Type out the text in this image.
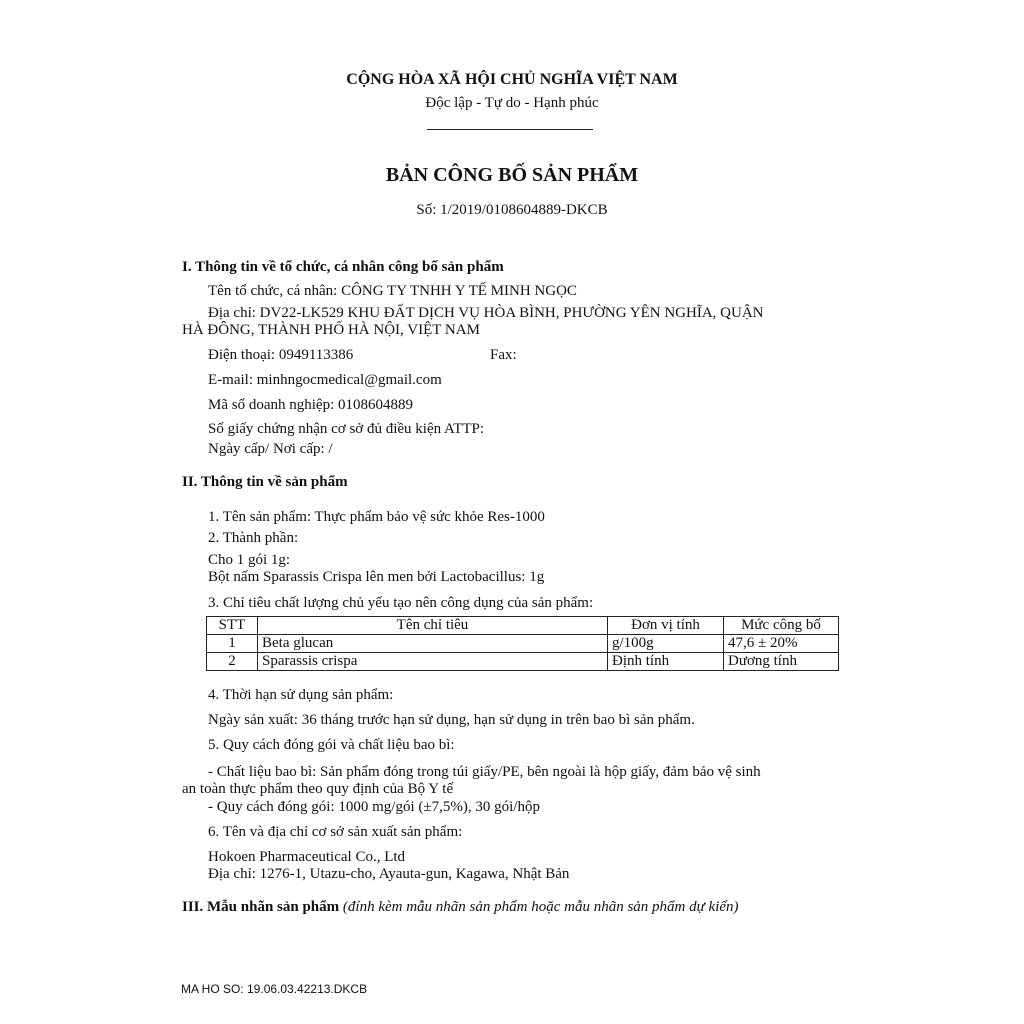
CỘNG HÒA XÃ HỘI CHỦ NGHĨA VIỆT NAM
Độc lập - Tự do - Hạnh phúc
BẢN CÔNG BỐ SẢN PHẨM
Số: 1/2019/0108604889-DKCB
I. Thông tin về tổ chức, cá nhân công bố sản phẩm
Tên tổ chức, cá nhân: CÔNG TY TNHH Y TẾ MINH NGỌC
Địa chỉ: DV22-LK529 KHU ĐẤT DỊCH VỤ HÒA BÌNH, PHƯỜNG YÊN NGHĨA, QUẬN
HÀ ĐÔNG, THÀNH PHỐ HÀ NỘI, VIỆT NAM
Điện thoại: 0949113386	Fax:
E-mail: minhngocmedical@gmail.com
Mã số doanh nghiệp: 0108604889
Số giấy chứng nhận cơ sở đủ điều kiện ATTP:
Ngày cấp/ Nơi cấp: /
II. Thông tin về sản phẩm
1. Tên sản phẩm: Thực phẩm bảo vệ sức khỏe Res-1000
2. Thành phần:
Cho 1 gói 1g:
Bột nấm Sparassis Crispa lên men bởi Lactobacillus: 1g
3. Chỉ tiêu chất lượng chủ yếu tạo nên công dụng của sản phẩm:
STT	Tên chỉ tiêu	Đơn vị tính	Mức công bố
1	Beta glucan	g/100g	47,6 ± 20%
2	Sparassis crispa	Định tính	Dương tính
4. Thời hạn sử dụng sản phẩm:
Ngày sản xuất: 36 tháng trước hạn sử dụng, hạn sử dụng in trên bao bì sản phẩm.
5. Quy cách đóng gói và chất liệu bao bì:
- Chất liệu bao bì: Sản phẩm đóng trong túi giấy/PE, bên ngoài là hộp giấy, đảm bảo vệ sinh
an toàn thực phẩm theo quy định của Bộ Y tế
- Quy cách đóng gói: 1000 mg/gói (±7,5%), 30 gói/hộp
6. Tên và địa chỉ cơ sở sản xuất sản phẩm:
Hokoen Pharmaceutical Co., Ltd
Địa chỉ: 1276-1, Utazu-cho, Ayauta-gun, Kagawa, Nhật Bản
III. Mẫu nhãn sản phẩm (đính kèm mẫu nhãn sản phẩm hoặc mẫu nhãn sản phẩm dự kiến)
MA HO SO: 19.06.03.42213.DKCB
